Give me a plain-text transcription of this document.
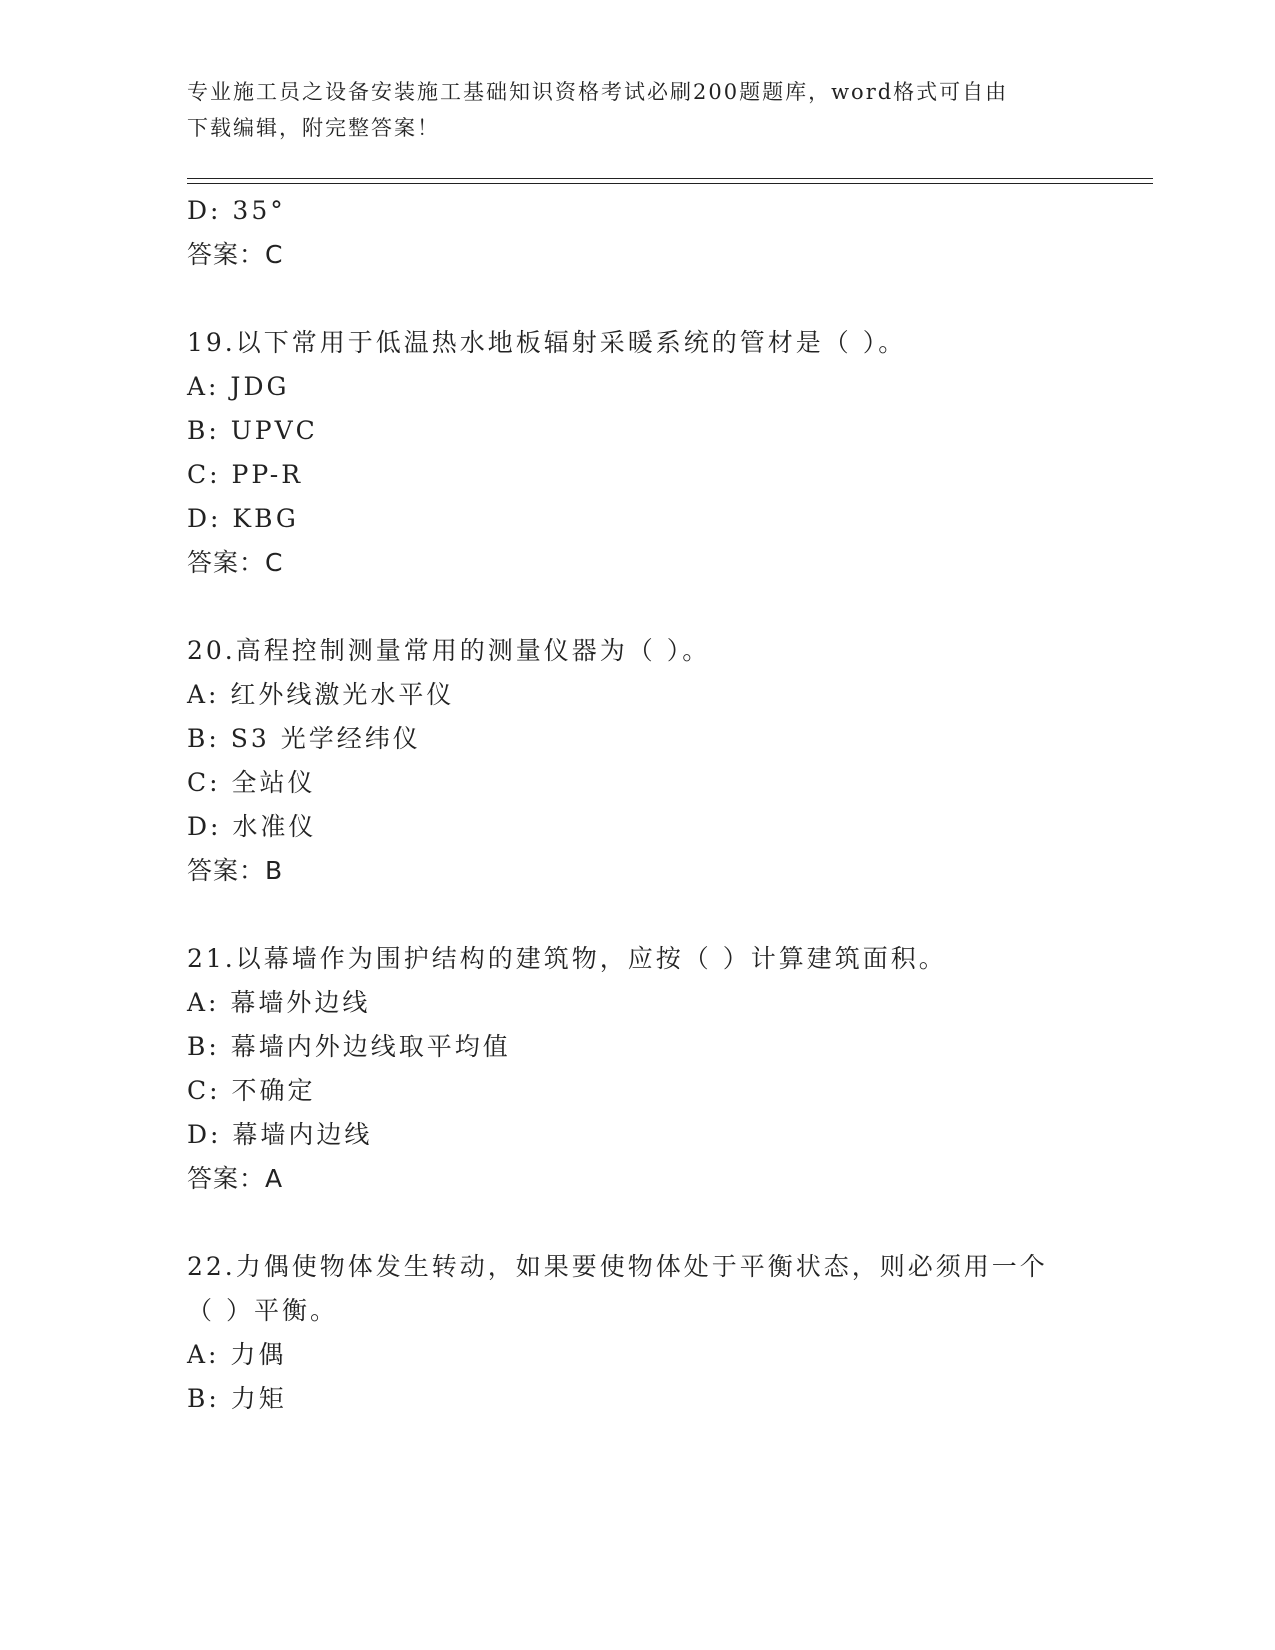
专业施工员之设备安装施工基础知识资格考试必刷200题题库，word格式可自由
下载编辑，附完整答案！
D: 35°
答案：C
19.以下常用于低温热水地板辐射采暖系统的管材是（ ）。
A: JDG
B: UPVC
C: PP-R
D: KBG
答案：C
20.高程控制测量常用的测量仪器为（ ）。
A: 红外线激光水平仪
B: S3 光学经纬仪
C: 全站仪
D: 水准仪
答案：B
21.以幕墙作为围护结构的建筑物，应按（ ）计算建筑面积。
A: 幕墙外边线
B: 幕墙内外边线取平均值
C: 不确定
D: 幕墙内边线
答案：A
22.力偶使物体发生转动，如果要使物体处于平衡状态，则必须用一个
（ ）平衡。
A: 力偶
B: 力矩
